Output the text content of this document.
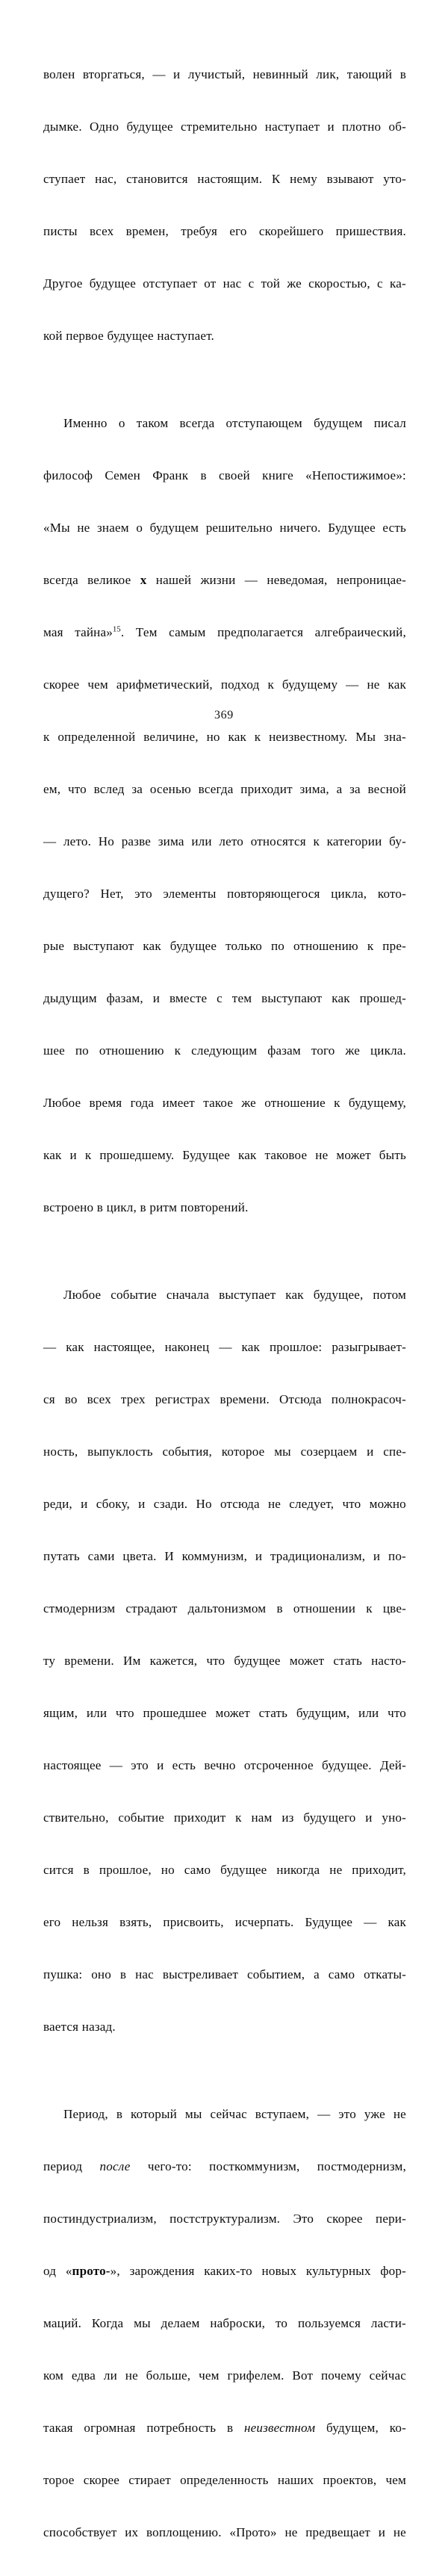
волен вторгаться, — и лучистый, невинный лик, тающий в

дымке. Одно будущее стремительно наступает и плотно об-

ступает нас, становится настоящим. К нему взывают уто-

писты всех времен, требуя его скорейшего пришествия.

Другое будущее отступает от нас с той же скоростью, с ка-

кой первое будущее наступает.

Именно о таком всегда отступающем будущем писал

философ Семен Франк в своей книге «Непостижимое»:

«Мы не знаем о будущем решительно ничего. Будущее есть

всегда великое х нашей жизни — неведомая, непроницае-

мая тайна»$^{15}$. Тем самым предполагается алгебраический,

скорее чем арифметический, подход к будущему — не как

к определенной величине, но как к неизвестному. Мы зна-

ем, что вслед за осенью всегда приходит зима, а за весной

— лето. Но разве зима или лето относятся к категории бу-

дущего? Нет, это элементы повторяющегося цикла, кото-

рые выступают как будущее только по отношению к пре-

дыдущим фазам, и вместе с тем выступают как прошед-

шее по отношению к следующим фазам того же цикла.

Любое время года имеет такое же отношение к будущему,

как и к прошедшему. Будущее как таковое не может быть

встроено в цикл, в ритм повторений.

Любое событие сначала выступает как будущее, потом

— как настоящее, наконец — как прошлое: разыгрывает-

ся во всех трех регистрах времени. Отсюда полнокрасоч-

ность, выпуклость события, которое мы созерцаем и спе-

реди, и сбоку, и сзади. Но отсюда не следует, что можно

путать сами цвета. И коммунизм, и традиционализм, и по-

стмодернизм страдают дальтонизмом в отношении к цве-

ту времени. Им кажется, что будущее может стать насто-

ящим, или что прошедшее может стать будущим, или что

настоящее — это и есть вечно отсроченное будущее. Дей-

ствительно, событие приходит к нам из будущего и уно-

сится в прошлое, но само будущее никогда не приходит,

его нельзя взять, присвоить, исчерпать. Будущее — как

пушка: оно в нас выстреливает событием, а само откаты-

вается назад.

Период, в который мы сейчас вступаем, — это уже не

период после чего-то: посткоммунизм, постмодернизм,

постиндустриализм, постструктурализм. Это скорее пери-

од «прото-», зарождения каких-то новых культурных фор-

маций. Когда мы делаем наброски, то пользуемся ласти-

ком едва ли не больше, чем грифелем. Вот почему сейчас

такая огромная потребность в неизвестном будущем, ко-

торое скорее стирает определенность наших проектов, чем

способствует их воплощению. «Прото» не предвещает и не

369
